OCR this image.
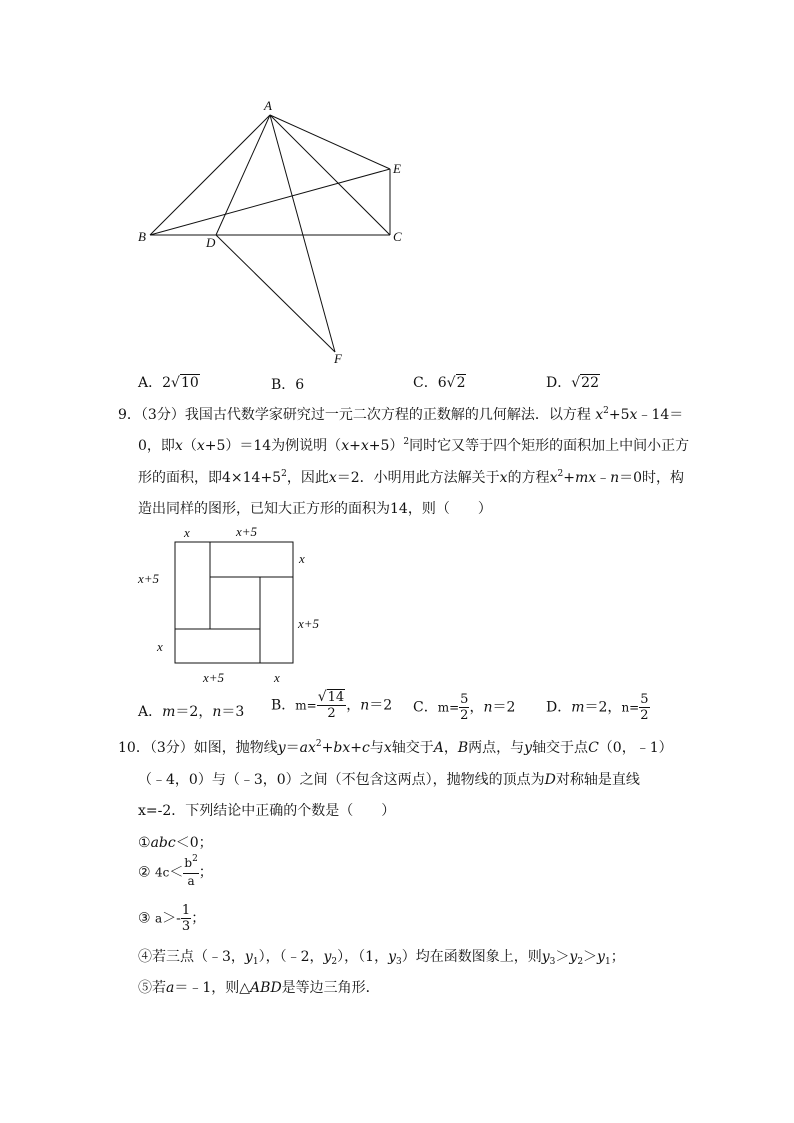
A
B	C
D
E
F
A．2√10	B．6	C．6√2	D．√22
9．（3分）我国古代数学家研究过一元二次方程的正数解的几何解法．以方程 $x^2+5x﹣14=$
0，即x（x+5）＝14为例说明$(x+x+5)^2$同时它又等于四个矩形的面积加上中间小正方
形的面积，即$4\times 14+5^2$，因此x＝2．小明用此方法解关于x的方程$x^2+mx﹣n=0$时，构
造出同样的图形，已知大正方形的面积为14，则（　　）
x	x+5
x
x+5
x+5
x
x+5	x
A．m＝2，n＝3 B．$m= \frac{√14}{2}$ ，n＝2 C．$m= \frac{5}{2}$ ，n＝2 D．m＝2，$n= \frac{5}{2}$
10．（3分）如图，抛物线$y=ax^2+bx+c$与x轴交于A，B两点，与y轴交于点C（0，﹣1）
（﹣4，0）与（﹣3，0）之间（不包含这两点），抛物线的顶点为D对称轴是直线
x=-2．下列结论中正确的个数是（　　）
①abc＜0；
② $4c< \frac{b^2}{a}$ ；
③ $a>- \frac{1}{3}$ ；
④若三点（﹣3，$y_1$），（﹣2，$y_2$），（1，$y_3$）均在函数图象上，则$y_3>y_2>y_1$；
⑤若a＝﹣1，则△ABD是等边三角形．
